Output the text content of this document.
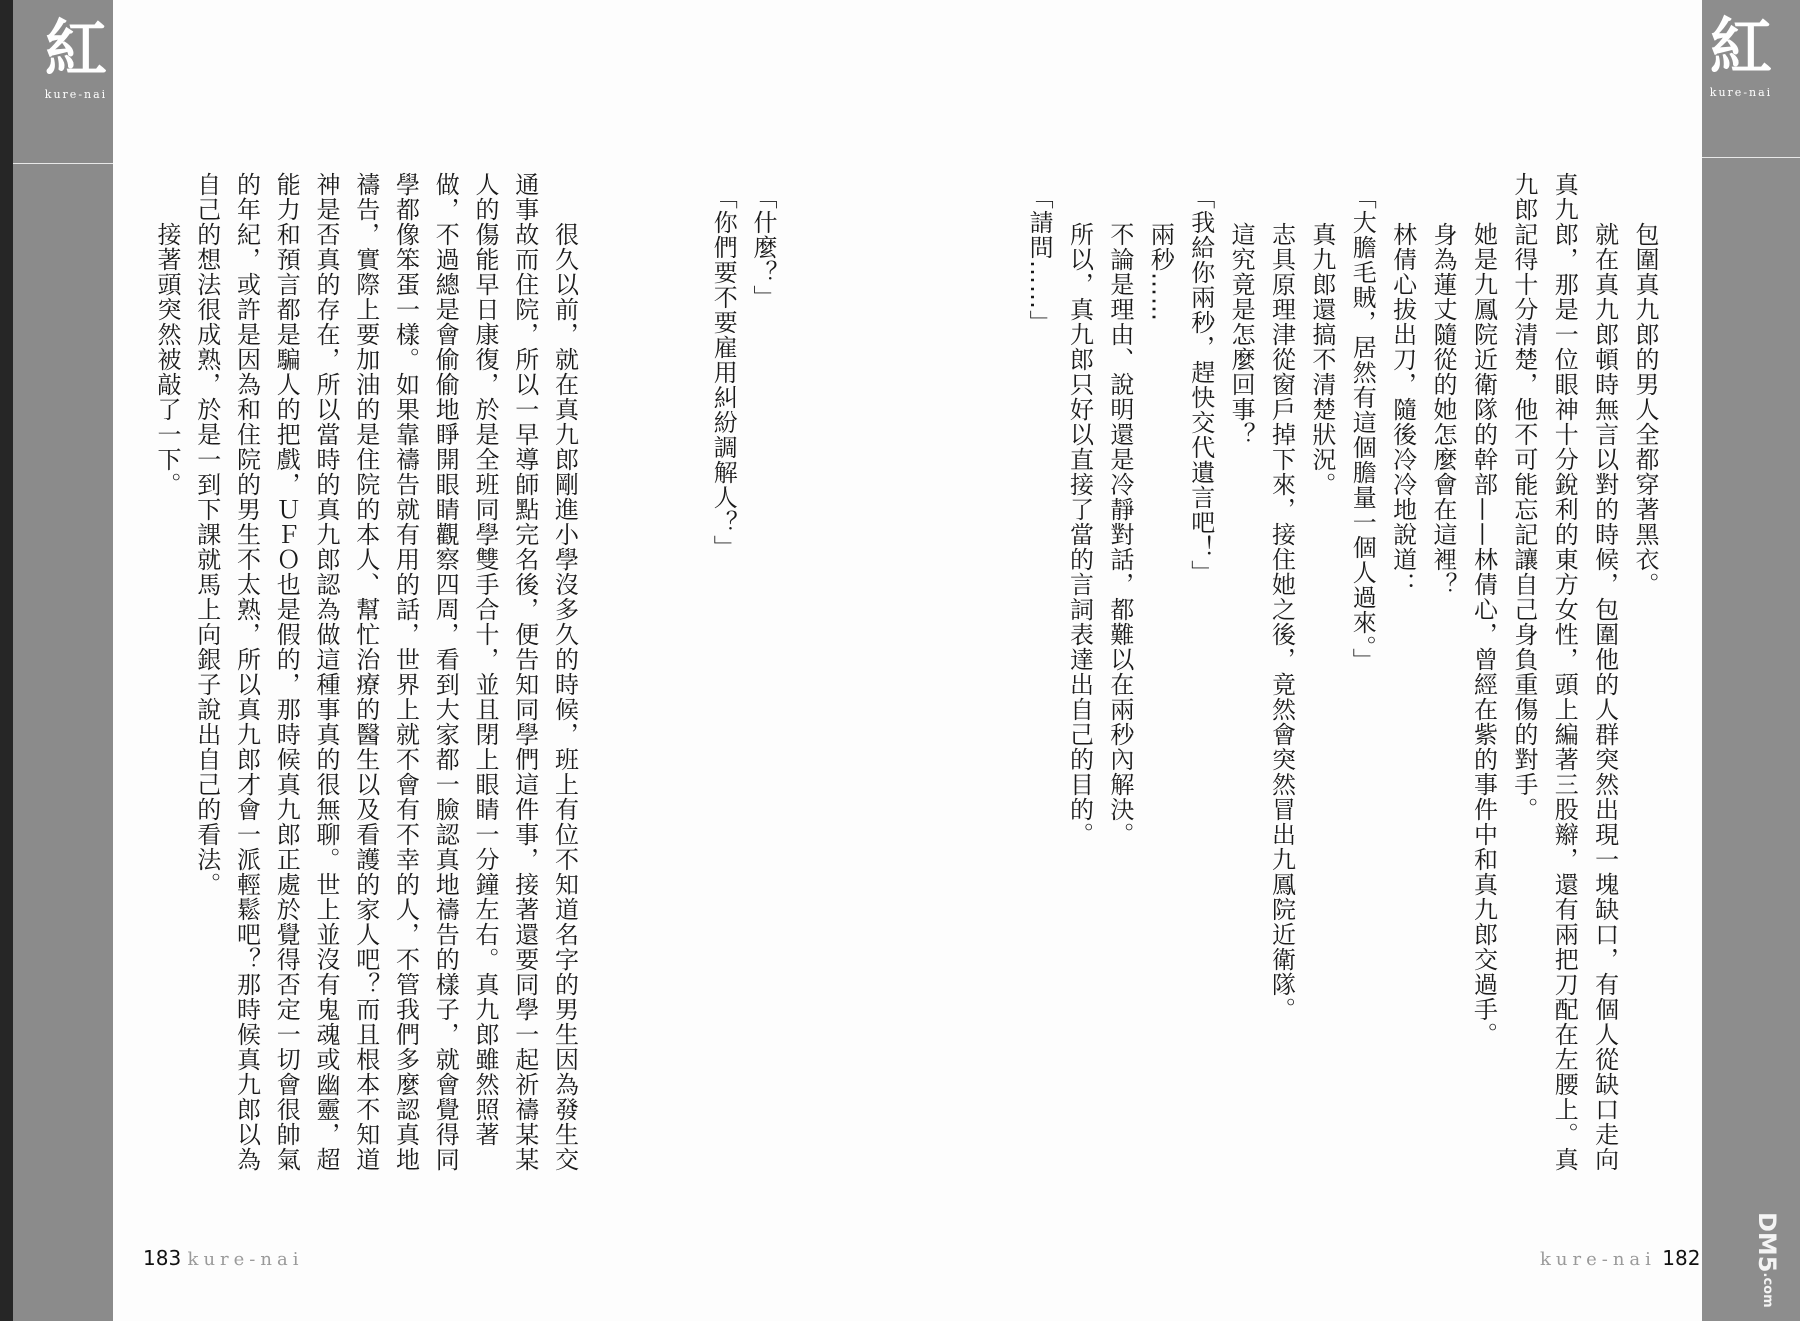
紅
kure-nai
紅
kure-nai
　　包圍真九郎的男人全都穿著黑衣。
　　就在真九郎頓時無言以對的時候，包圍他的人群突然出現一塊缺口，有個人從缺口走向
真九郎，那是一位眼神十分銳利的東方女性，頭上編著三股辮，還有兩把刀配在左腰上。真
九郎記得十分清楚，他不可能忘記讓自己身負重傷的對手。
　　她是九鳳院近衛隊的幹部——林倩心，曾經在紫的事件中和真九郎交過手。
　　身為蓮丈隨從的她怎麼會在這裡？
　　林倩心拔出刀，隨後冷冷地說道：
　「大膽毛賊，居然有這個膽量一個人過來。」
　　真九郎還搞不清楚狀況。
　　志具原理津從窗戶掉下來，接住她之後，竟然會突然冒出九鳳院近衛隊。
　　這究竟是怎麼回事？
　「我給你兩秒，趕快交代遺言吧！」
　　兩秒……
　　不論是理由、說明還是冷靜對話，都難以在兩秒內解決。
　　所以，真九郎只好以直接了當的言詞表達出自己的目的。
　「請問……」
　「什麼？」
　「你們要不要雇用糾紛調解人？」
　　很久以前，就在真九郎剛進小學沒多久的時候，班上有位不知道名字的男生因為發生交
通事故而住院，所以一早導師點完名後，便告知同學們這件事，接著還要同學一起祈禱某某
人的傷能早日康復，於是全班同學雙手合十，並且閉上眼睛一分鐘左右。真九郎雖然照著
做，不過總是會偷偷地睜開眼睛觀察四周，看到大家都一臉認真地禱告的樣子，就會覺得同
學都像笨蛋一樣。如果靠禱告就有用的話，世界上就不會有不幸的人，不管我們多麼認真地
禱告，實際上要加油的是住院的本人、幫忙治療的醫生以及看護的家人吧？而且根本不知道
神是否真的存在，所以當時的真九郎認為做這種事真的很無聊。世上並沒有鬼魂或幽靈，超
能力和預言都是騙人的把戲，ＵＦＯ也是假的，那時候真九郎正處於覺得否定一切會很帥氣
的年紀，或許是因為和住院的男生不太熟，所以真九郎才會一派輕鬆吧？那時候真九郎以為
自己的想法很成熟，於是一到下課就馬上向銀子說出自己的看法。
　　接著頭突然被敲了一下。
183 kure-nai	kure-nai 182 DM5.com
